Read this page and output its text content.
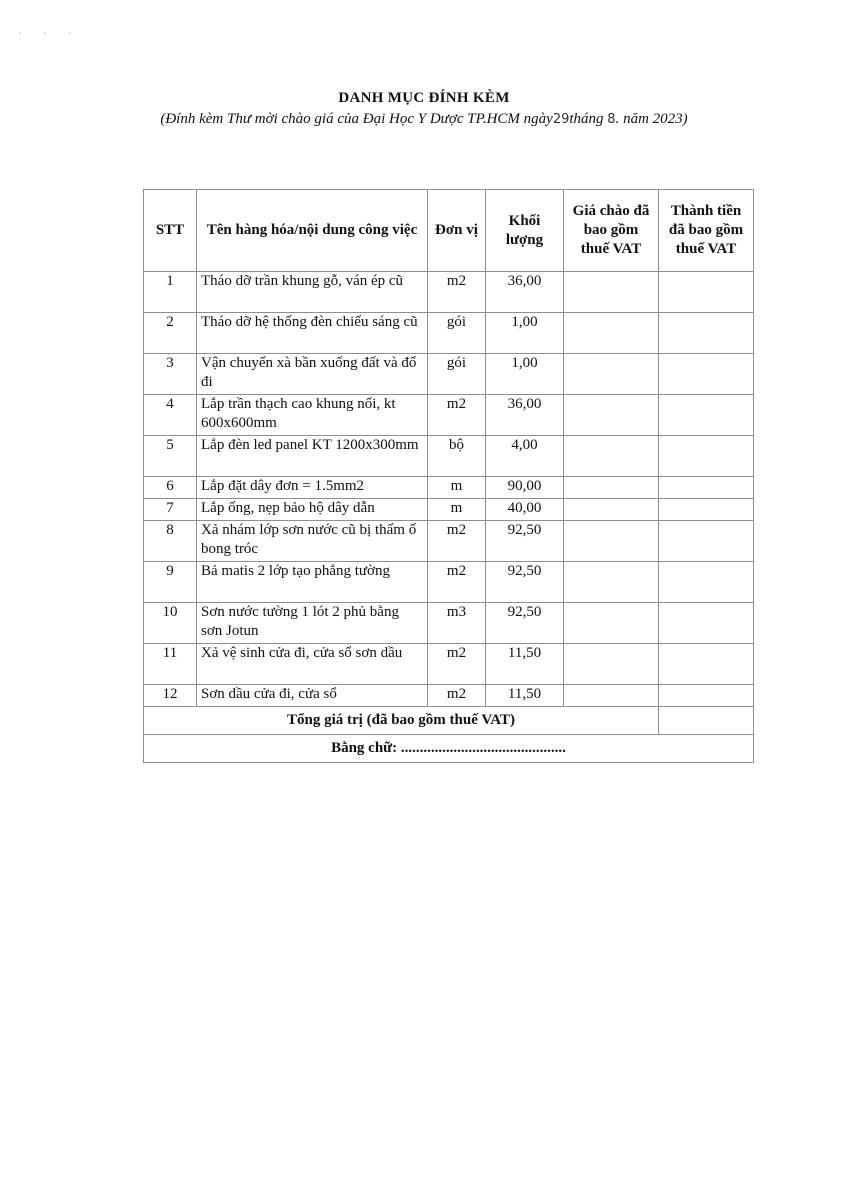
· · ·
DANH MỤC ĐÍNH KÈM
(Đính kèm Thư mời chào giá của Đại Học Y Dược TP.HCM ngày29tháng 8. năm 2023)
STT	Tên hàng hóa/nội dung công việc	Đơn vị	Khối lượng	Giá chào đã bao gồm thuế VAT	Thành tiền đã bao gồm thuế VAT
1	Tháo dỡ trần khung gỗ, ván ép cũ	m2	36,00		
2	Tháo dỡ hệ thống đèn chiếu sáng cũ	gói	1,00		
3	Vận chuyển xà bần xuống đất và đổ đi	gói	1,00		
4	Lắp trần thạch cao khung nổi, kt 600x600mm	m2	36,00		
5	Lắp đèn led panel KT 1200x300mm	bộ	4,00		
6	Lắp đặt dây đơn = 1.5mm2	m	90,00		
7	Lắp ống, nẹp bảo hộ dây dẫn	m	40,00		
8	Xả nhám lớp sơn nước cũ bị thấm ố bong tróc	m2	92,50		
9	Bả matis 2 lớp tạo phẳng tường	m2	92,50		
10	Sơn nước tường 1 lót 2 phủ bằng sơn Jotun	m3	92,50		
11	Xả vệ sinh cửa đi, cửa sổ sơn dầu	m2	11,50		
12	Sơn dầu cửa đi, cửa sổ	m2	11,50		
Tổng giá trị (đã bao gồm thuế VAT)					
Bằng chữ: ............................................					
